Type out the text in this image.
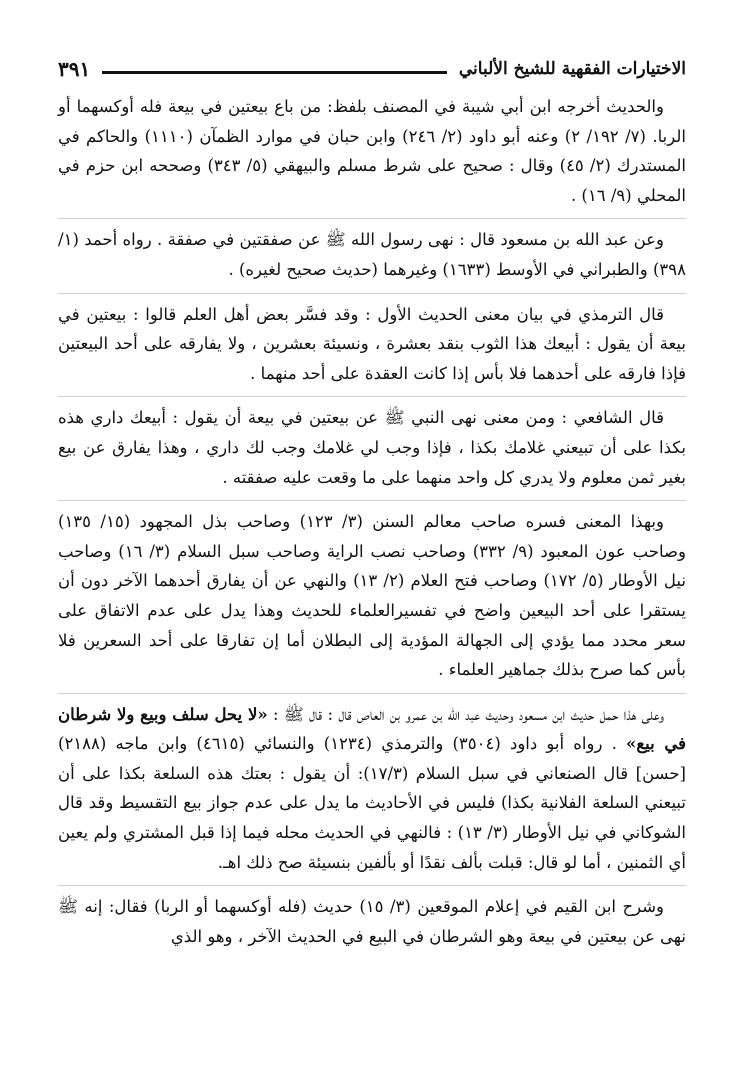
الاختيارات الفقهية للشيخ الألباني
٣٩١

والحديث أخرجه ابن أبي شيبة في المصنف بلفظ: من باع بيعتين في بيعة فله أوكسهما أو الربا. (٧/ ١٩٢/ ٢) وعنه أبو داود (٢/ ٢٤٦) وابن حبان في موارد الظمآن (١١١٠) والحاكم في المستدرك (٢/ ٤٥) وقال : صحيح على شرط مسلم والبيهقي (٥/ ٣٤٣) وصححه ابن حزم في المحلي (٩/ ١٦) .

وعن عبد الله بن مسعود قال : نهى رسول الله ﷺ عن صفقتين في صفقة . رواه أحمد (١/ ٣٩٨) والطبراني في الأوسط (١٦٣٣) وغيرهما (حديث صحيح لغيره) .

قال الترمذي في بيان معنى الحديث الأول : وقد فسَّر بعض أهل العلم قالوا : بيعتين في بيعة أن يقول : أبيعك هذا الثوب بنقد بعشرة ، ونسيئة بعشرين ، ولا يفارقه على أحد البيعتين فإذا فارقه على أحدهما فلا بأس إذا كانت العقدة على أحد منهما .

قال الشافعي : ومن معنى نهى النبي ﷺ عن بيعتين في بيعة أن يقول : أبيعك داري هذه بكذا على أن تبيعني غلامك بكذا ، فإذا وجب لي غلامك وجب لك داري ، وهذا يفارق عن بيع بغير ثمن معلوم ولا يدري كل واحد منهما على ما وقعت عليه صفقته .

وبهذا المعنى فسره صاحب معالم السنن (٣/ ١٢٣) وصاحب بذل المجهود (١٥/ ١٣٥) وصاحب عون المعبود (٩/ ٣٣٢) وصاحب نصب الراية وصاحب سبل السلام (٣/ ١٦) وصاحب نيل الأوطار (٥/ ١٧٢) وصاحب فتح العلام (٢/ ١٣) والنهي عن أن يفارق أحدهما الآخر دون أن يستقرا على أحد البيعين واضح في تفسيرالعلماء للحديث وهذا يدل على عدم الاتفاق على سعر محدد مما يؤدي إلى الجهالة المؤدية إلى البطلان أما إن تفارقا على أحد السعرين فلا بأس كما صرح بذلك جماهير العلماء .

وعلى هذا حمل حديث ابن مسعود وحديث عبد الله بن عمرو بن العاص قال : قال ﷺ : «لا يحل سلف وبيع ولا شرطان في بيع» . رواه أبو داود (٣٥٠٤) والترمذي (١٢٣٤) والنسائي (٤٦١٥) وابن ماجه (٢١٨٨) [حسن] قال الصنعاني في سبل السلام (١٧/٣): أن يقول : بعتك هذه السلعة بكذا على أن تبيعني السلعة الفلانية بكذا) فليس في الأحاديث ما يدل على عدم جواز بيع التقسيط وقد قال الشوكاني في نيل الأوطار (٣/ ١٣) : فالنهي في الحديث محله فيما إذا قبل المشتري ولم يعين أي الثمنين ، أما لو قال: قبلت بألف نقدًا أو بألفين بنسيئة صح ذلك اهـ.

وشرح ابن القيم في إعلام الموقعين (٣/ ١٥) حديث (فله أوكسهما أو الربا) فقال: إنه ﷺ نهى عن بيعتين في بيعة وهو الشرطان في البيع في الحديث الآخر ، وهو الذي
